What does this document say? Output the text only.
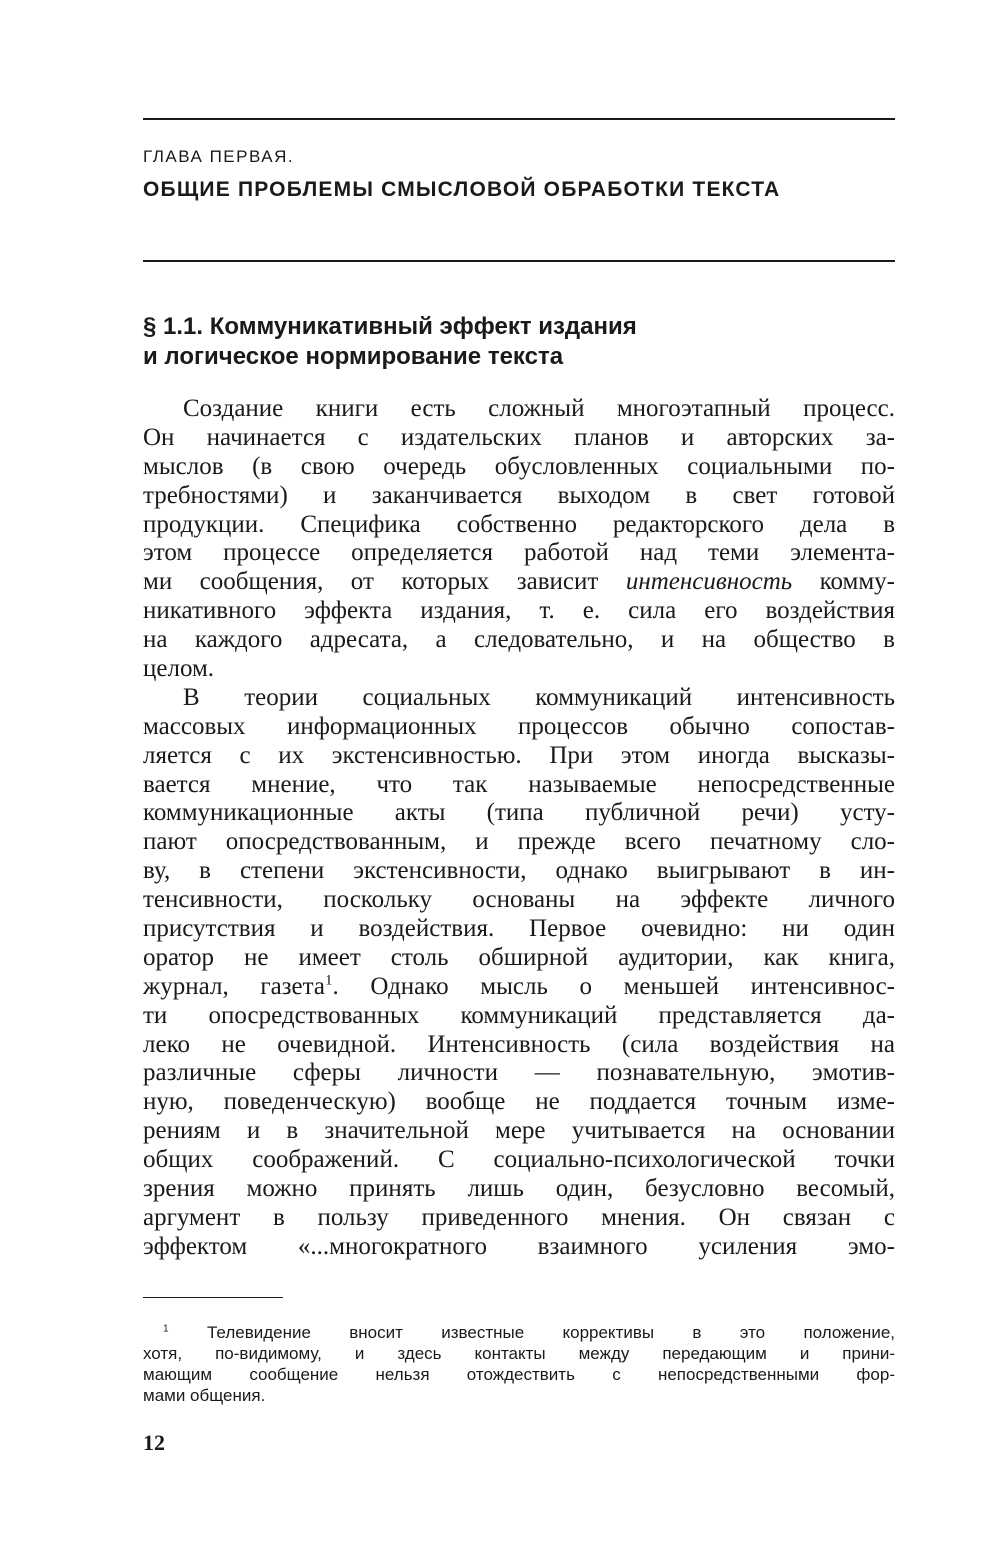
ГЛАВА ПЕРВАЯ.
ОБЩИЕ ПРОБЛЕМЫ СМЫСЛОВОЙ ОБРАБОТКИ ТЕКСТА
§ 1.1. Коммуникативный эффект издания
и логическое нормирование текста
Создание книги есть сложный многоэтапный процесс.
Он начинается с издательских планов и авторских за-
мыслов (в свою очередь обусловленных социальными по-
требностями) и заканчивается выходом в свет готовой
продукции. Специфика собственно редакторского дела в
этом процессе определяется работой над теми элемента-
ми сообщения, от которых зависит интенсивность комму-
никативного эффекта издания, т. е. сила его воздействия
на каждого адресата, а следовательно, и на общество в
целом.
В теории социальных коммуникаций интенсивность
массовых информационных процессов обычно сопостав-
ляется с их экстенсивностью. При этом иногда высказы-
вается мнение, что так называемые непосредственные
коммуникационные акты (типа публичной речи) усту-
пают опосредствованным, и прежде всего печатному сло-
ву, в степени экстенсивности, однако выигрывают в ин-
тенсивности, поскольку основаны на эффекте личного
присутствия и воздействия. Первое очевидно: ни один
оратор не имеет столь обширной аудитории, как книга,
журнал, газета$^1$. Однако мысль о меньшей интенсивнос-
ти опосредствованных коммуникаций представляется да-
леко не очевидной. Интенсивность (сила воздействия на
различные сферы личности — познавательную, эмотив-
ную, поведенческую) вообще не поддается точным изме-
рениям и в значительной мере учитывается на основании
общих соображений. С социально-психологической точки
зрения можно принять лишь один, безусловно весомый,
аргумент в пользу приведенного мнения. Он связан с
эффектом «...многократного взаимного усиления эмо-
$^1$ Телевидение вносит известные коррективы в это положение,
хотя, по-видимому, и здесь контакты между передающим и прини-
мающим сообщение нельзя отождествить с непосредственными фор-
мами общения.
12
